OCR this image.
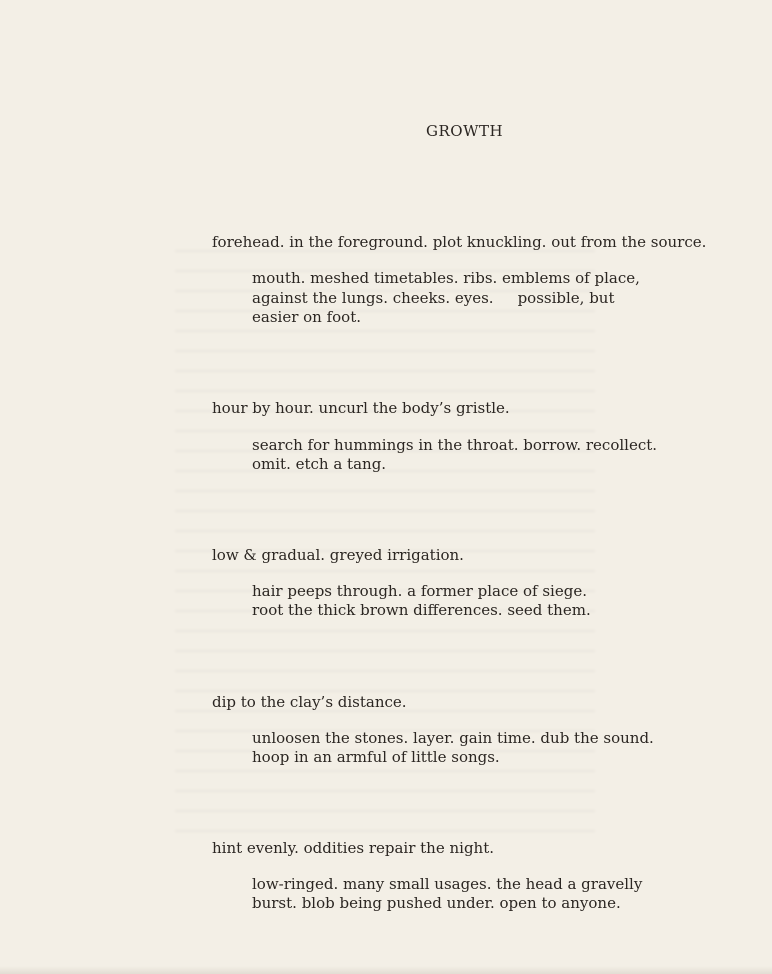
GROWTH

forehead. in the foreground. plot knuckling. out from the source.

mouth. meshed timetables. ribs. emblems of place,

against the lungs. cheeks. eyes. possible, but

easier on foot.

hour by hour. uncurl the body’s gristle.

search for hummings in the throat. borrow. recollect.

omit. etch a tang.

low & gradual. greyed irrigation.

hair peeps through. a former place of siege.

root the thick brown differences. seed them.

dip to the clay’s distance.

unloosen the stones. layer. gain time. dub the sound.

hoop in an armful of little songs.

hint evenly. oddities repair the night.

low-ringed. many small usages. the head a gravelly

burst. blob being pushed under. open to anyone.
